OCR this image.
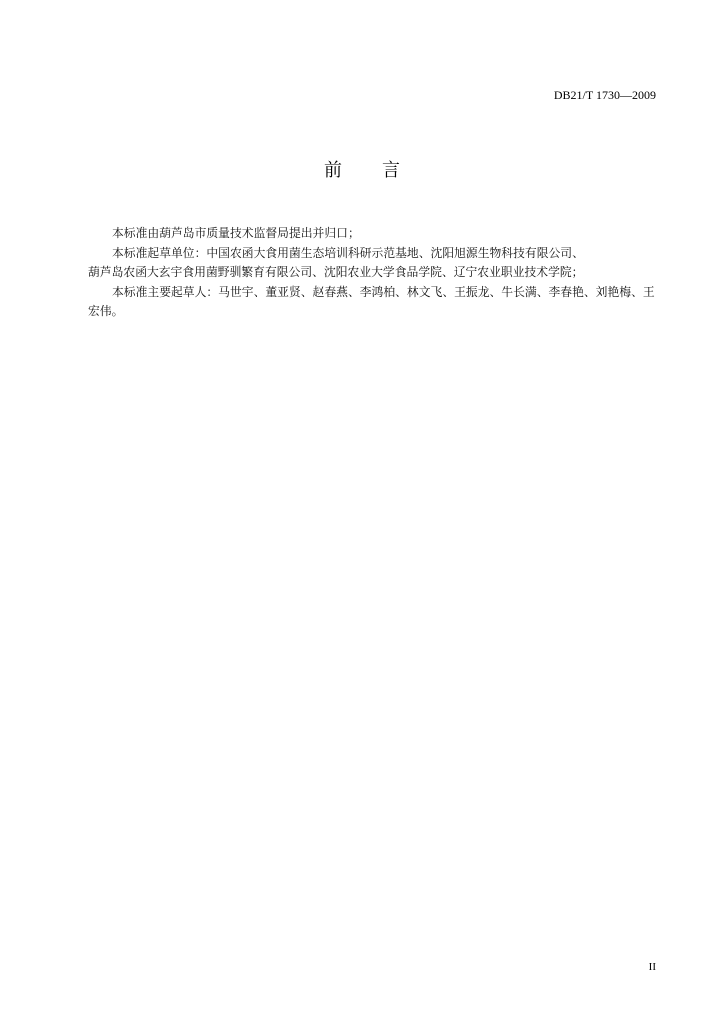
DB21/T 1730—2009
前 言

本标准由葫芦岛市质量技术监督局提出并归口；

本标准起草单位：中国农函大食用菌生态培训科研示范基地、沈阳旭源生物科技有限公司、
葫芦岛农函大玄宇食用菌野驯繁育有限公司、沈阳农业大学食品学院、辽宁农业职业技术学院；

本标准主要起草人：马世宇、董亚贤、赵春燕、李鸿柏、林文飞、王振龙、牛长满、李春艳、刘艳梅、王
宏伟。

II
